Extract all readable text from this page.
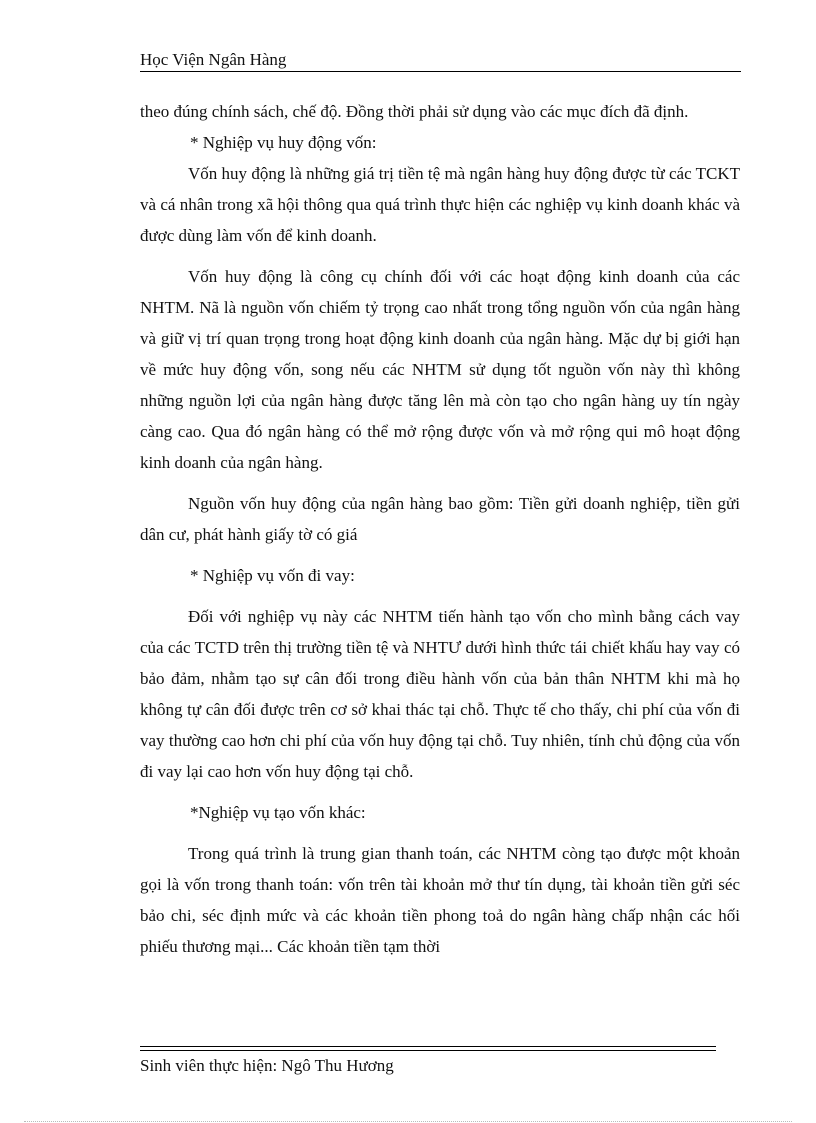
Học Viện Ngân Hàng

theo đúng chính sách, chế độ. Đồng thời phải sử dụng vào các mục đích đã định.

* Nghiệp vụ huy động vốn:

Vốn huy động là những giá trị tiền tệ mà ngân hàng huy động được từ các TCKT và cá nhân trong xã hội thông qua quá trình thực hiện các nghiệp vụ kinh doanh khác và được dùng làm vốn để kinh doanh.

Vốn huy động là công cụ chính đối với các hoạt động kinh doanh của các NHTM. Nã là nguồn vốn chiếm tỷ trọng cao nhất trong tổng nguồn vốn của ngân hàng và giữ vị trí quan trọng trong hoạt động kinh doanh của ngân hàng. Mặc dự bị giới hạn về mức huy động vốn, song nếu các NHTM sử dụng tốt nguồn vốn này thì không những nguồn lợi của ngân hàng được tăng lên mà còn tạo cho ngân hàng uy tín ngày càng cao. Qua đó ngân hàng có thể mở rộng được vốn và mở rộng qui mô hoạt động kinh doanh của ngân hàng.

Nguồn vốn huy động của ngân hàng bao gồm: Tiền gửi doanh nghiệp, tiền gửi dân cư, phát hành giấy tờ có giá

* Nghiệp vụ vốn đi vay:

Đối với nghiệp vụ này các NHTM tiến hành tạo vốn cho mình bằng cách vay của các TCTD trên thị trường tiền tệ và NHTƯ dưới hình thức tái chiết khấu hay vay có bảo đảm, nhằm tạo sự cân đối trong điều hành vốn của bản thân NHTM khi mà họ không tự cân đối được trên cơ sở khai thác tại chỗ. Thực tế cho thấy, chi phí của vốn đi vay thường cao hơn chi phí của vốn huy động tại chỗ. Tuy nhiên, tính chủ động của vốn đi vay lại cao hơn vốn huy động tại chỗ.

*Nghiệp vụ tạo vốn khác:

Trong quá trình là trung gian thanh toán, các NHTM còng tạo được một khoản gọi là vốn trong thanh toán: vốn trên tài khoản mở thư tín dụng, tài khoản tiền gửi séc bảo chi, séc định mức và các khoản tiền phong toả do ngân hàng chấp nhận các hối phiếu thương mại... Các khoản tiền tạm thời

Sinh viên thực hiện: Ngô Thu Hương
